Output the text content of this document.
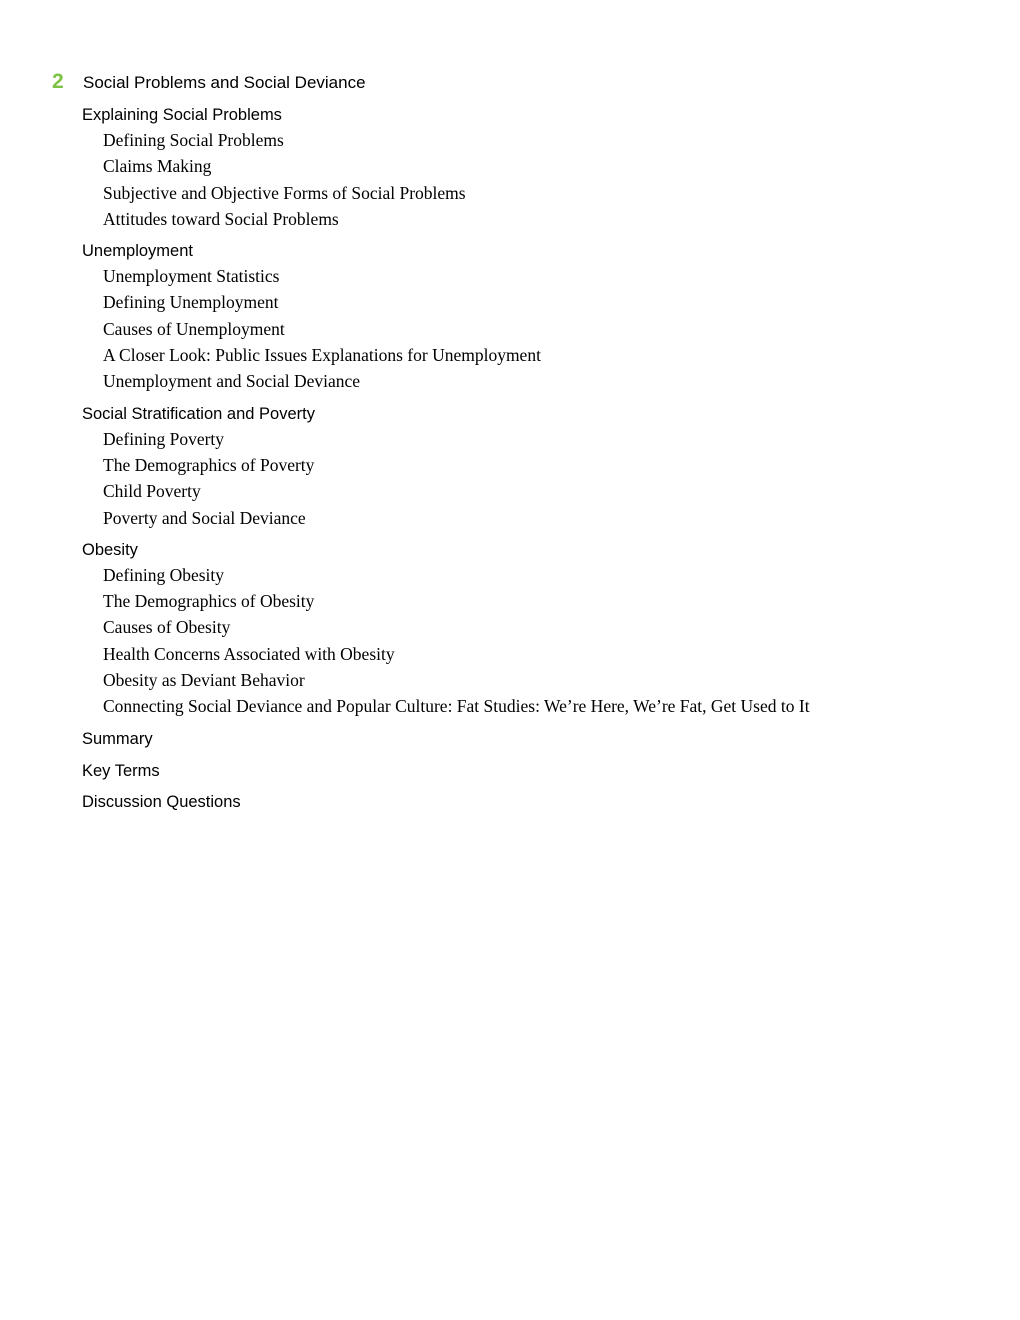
2	Social Problems and Social Deviance
Explaining Social Problems
Defining Social Problems
Claims Making
Subjective and Objective Forms of Social Problems
Attitudes toward Social Problems
Unemployment
Unemployment Statistics
Defining Unemployment
Causes of Unemployment
A Closer Look: Public Issues Explanations for Unemployment
Unemployment and Social Deviance
Social Stratification and Poverty
Defining Poverty
The Demographics of Poverty
Child Poverty
Poverty and Social Deviance
Obesity
Defining Obesity
The Demographics of Obesity
Causes of Obesity
Health Concerns Associated with Obesity
Obesity as Deviant Behavior
Connecting Social Deviance and Popular Culture: Fat Studies: We’re Here, We’re Fat, Get Used to It
Summary
Key Terms
Discussion Questions
